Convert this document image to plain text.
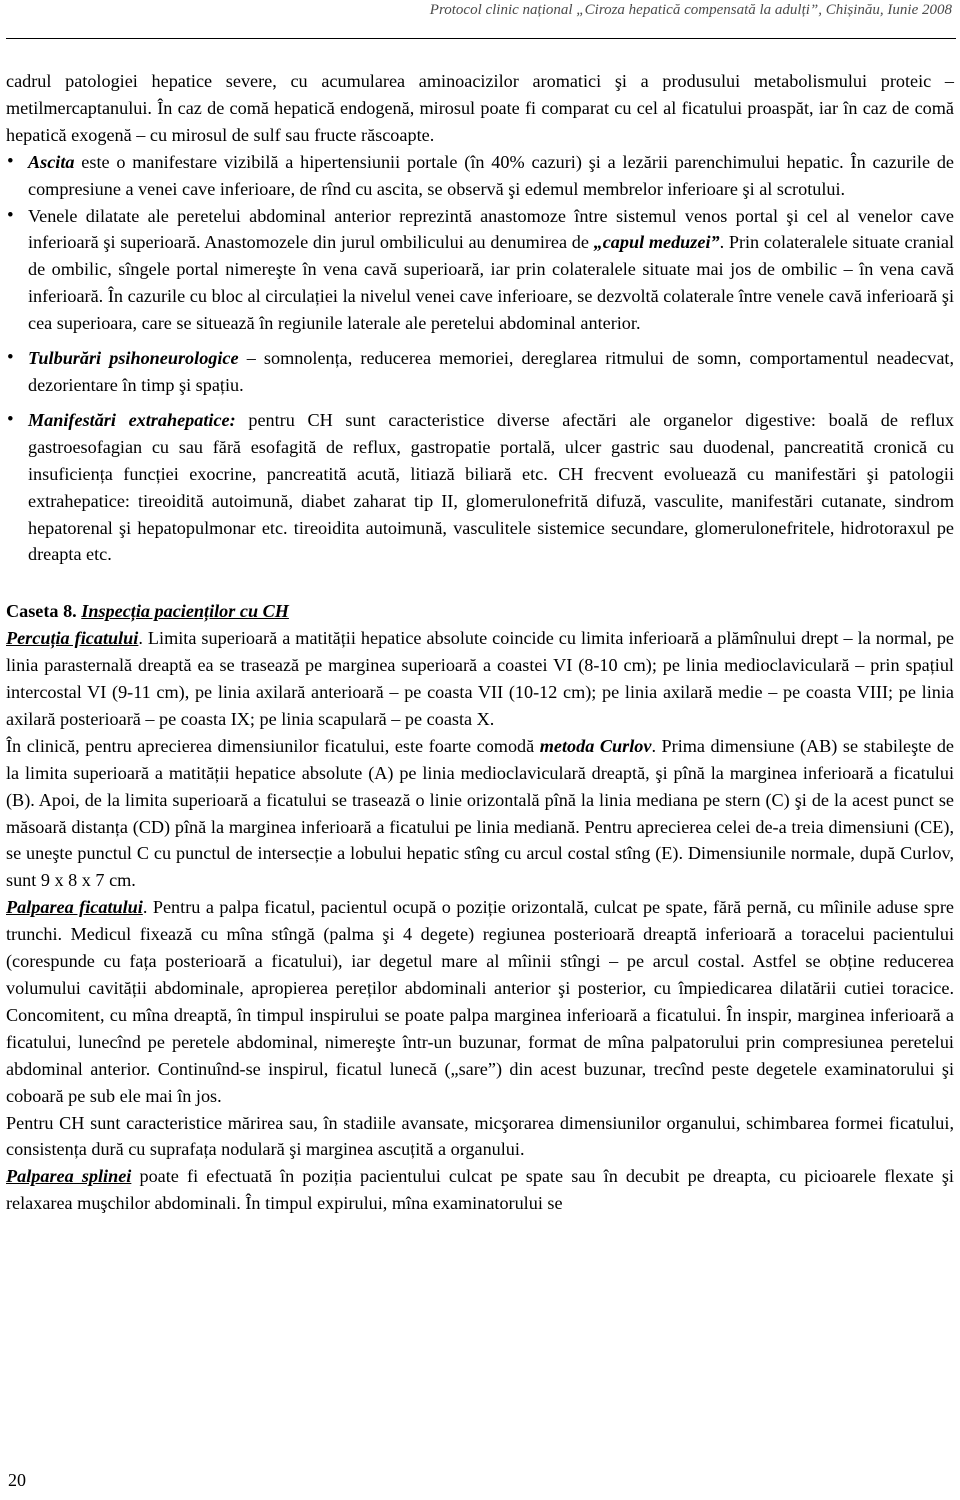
Protocol clinic național „Ciroza hepatică compensată la adulți”, Chișinău, Iunie 2008

cadrul patologiei hepatice severe, cu acumularea aminoacizilor aromatici şi a produsului metabolismului proteic – metilmercaptanului. În caz de comă hepatică endogenă, mirosul poate fi comparat cu cel al ficatului proaspăt, iar în caz de comă hepatică exogenă – cu mirosul de sulf sau fructe răscoapte.

• Ascita este o manifestare vizibilă a hipertensiunii portale (în 40% cazuri) şi a lezării parenchimului hepatic. În cazurile de compresiune a venei cave inferioare, de rînd cu ascita, se observă şi edemul membrelor inferioare şi al scrotului.

• Venele dilatate ale peretelui abdominal anterior reprezintă anastomoze între sistemul venos portal şi cel al venelor cave inferioară şi superioară. Anastomozele din jurul ombilicului au denumirea de „capul meduzei”. Prin colateralele situate cranial de ombilic, sîngele portal nimereşte în vena cavă superioară, iar prin colateralele situate mai jos de ombilic – în vena cavă inferioară. În cazurile cu bloc al circulației la nivelul venei cave inferioare, se dezvoltă colaterale între venele cavă inferioară şi cea superioara, care se situează în regiunile laterale ale peretelui abdominal anterior.

• Tulburări psihoneurologice – somnolența, reducerea memoriei, dereglarea ritmului de somn, comportamentul neadecvat, dezorientare în timp şi spațiu.

• Manifestări extrahepatice: pentru CH sunt caracteristice diverse afectări ale organelor digestive: boală de reflux gastroesofagian cu sau fără esofagită de reflux, gastropatie portală, ulcer gastric sau duodenal, pancreatită cronică cu insuficiența funcției exocrine, pancreatită acută, litiază biliară etc. CH frecvent evoluează cu manifestări şi patologii extrahepatice: tireoidită autoimună, diabet zaharat tip II, glomerulonefrită difuză, vasculite, manifestări cutanate, sindrom hepatorenal şi hepatopulmonar etc. tireoidita autoimună, vasculitele sistemice secundare, glomerulonefritele, hidrotoraxul pe dreapta etc.

Caseta 8. Inspecția pacienților cu CH

Percuția ficatului. Limita superioară a matității hepatice absolute coincide cu limita inferioară a plămînului drept – la normal, pe linia parasternală dreaptă ea se trasează pe marginea superioară a coastei VI (8-10 cm); pe linia medioclaviculară – prin spațiul intercostal VI (9-11 cm), pe linia axilară anterioară – pe coasta VII (10-12 cm); pe linia axilară medie – pe coasta VIII; pe linia axilară posterioară – pe coasta IX; pe linia scapulară – pe coasta X.

În clinică, pentru aprecierea dimensiunilor ficatului, este foarte comodă metoda Curlov. Prima dimensiune (AB) se stabileşte de la limita superioară a matității hepatice absolute (A) pe linia medioclaviculară dreaptă, şi pînă la marginea inferioară a ficatului (B). Apoi, de la limita superioară a ficatului se trasează o linie orizontală pînă la linia mediana pe stern (C) şi de la acest punct se măsoară distanța (CD) pînă la marginea inferioară a ficatului pe linia mediană. Pentru aprecierea celei de-a treia dimensiuni (CE), se uneşte punctul C cu punctul de intersecție a lobului hepatic stîng cu arcul costal stîng (E). Dimensiunile normale, după Curlov, sunt 9 x 8 x 7 cm.

Palparea ficatului. Pentru a palpa ficatul, pacientul ocupă o poziție orizontală, culcat pe spate, fără pernă, cu mîinile aduse spre trunchi. Medicul fixează cu mîna stîngă (palma şi 4 degete) regiunea posterioară dreaptă inferioară a toracelui pacientului (corespunde cu fața posterioară a ficatului), iar degetul mare al mîinii stîngi – pe arcul costal. Astfel se obține reducerea volumului cavității abdominale, apropierea pereților abdominali anterior şi posterior, cu împiedicarea dilatării cutiei toracice. Concomitent, cu mîna dreaptă, în timpul inspirului se poate palpa marginea inferioară a ficatului. În inspir, marginea inferioară a ficatului, lunecînd pe peretele abdominal, nimereşte într-un buzunar, format de mîna palpatorului prin compresiunea peretelui abdominal anterior. Continuînd-se inspirul, ficatul lunecă („sare”) din acest buzunar, trecînd peste degetele examinatorului şi coboară pe sub ele mai în jos.

Pentru CH sunt caracteristice mărirea sau, în stadiile avansate, micşorarea dimensiunilor organului, schimbarea formei ficatului, consistența dură cu suprafața nodulară şi marginea ascuțită a organului.

Palparea splinei poate fi efectuată în poziția pacientului culcat pe spate sau în decubit pe dreapta, cu picioarele flexate şi relaxarea muşchilor abdominali. În timpul expirului, mîna examinatorului se

20
